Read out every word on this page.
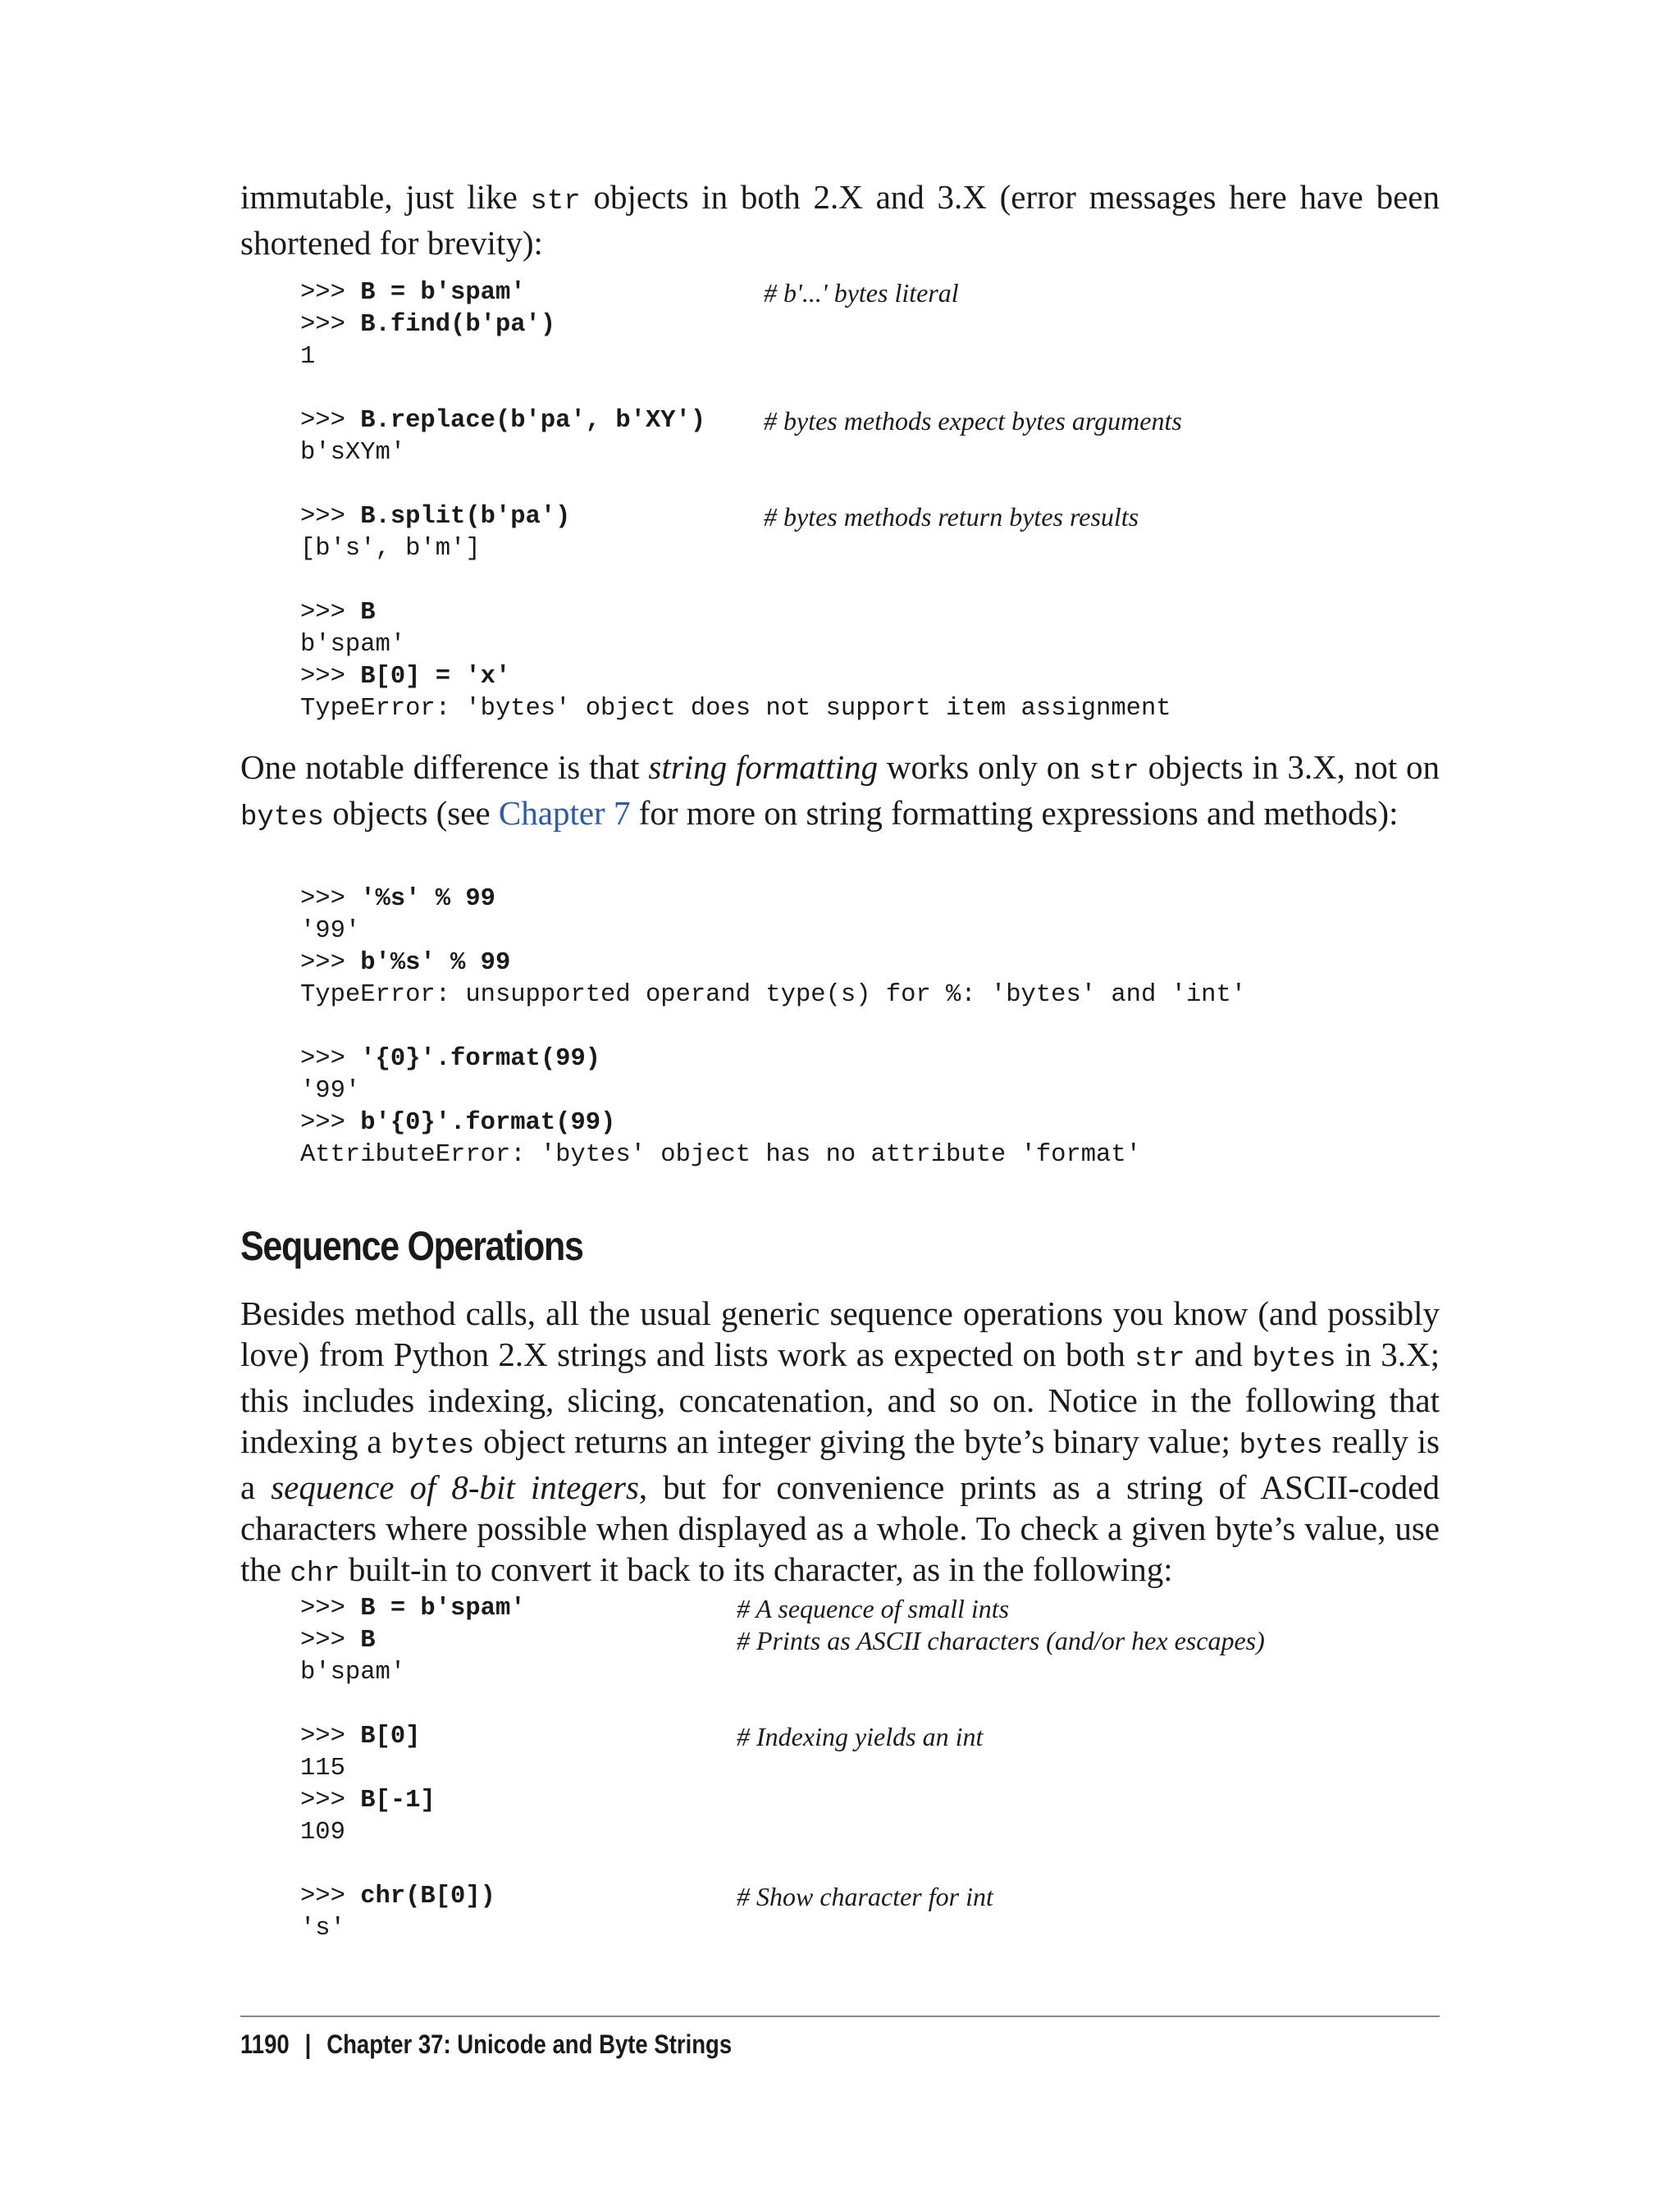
immutable, just like str objects in both 2.X and 3.X (error messages here have been shortened for brevity):

>>> B = b'spam'	# b'...' bytes literal
>>> B.find(b'pa')
1
>>> B.replace(b'pa', b'XY') # bytes methods expect bytes arguments
b'sXYm'
>>> B.split(b'pa')	# bytes methods return bytes results
[b's', b'm']
>>> B
b'spam'
>>> B[0] = 'x'
TypeError: 'bytes' object does not support item assignment

One notable difference is that string formatting works only on str objects in 3.X, not on bytes objects (see Chapter 7 for more on string formatting expressions and methods):

>>> '%s' % 99
'99'
>>> b'%s' % 99
TypeError: unsupported operand type(s) for %: 'bytes' and 'int'
>>> '{0}'.format(99)
'99'
>>> b'{0}'.format(99)
AttributeError: 'bytes' object has no attribute 'format'
Sequence Operations

Besides method calls, all the usual generic sequence operations you know (and possibly love) from Python 2.X strings and lists work as expected on both str and bytes in 3.X; this includes indexing, slicing, concatenation, and so on. Notice in the following that indexing a bytes object returns an integer giving the byte’s binary value; bytes really is a sequence of 8-bit integers, but for convenience prints as a string of ASCII-coded characters where possible when displayed as a whole. To check a given byte’s value, use the chr built-in to convert it back to its character, as in the following:

>>> B = b'spam'	# A sequence of small ints
>>> B	# Prints as ASCII characters (and/or hex escapes)
b'spam'
>>> B[0]	# Indexing yields an int
115
>>> B[-1]
109
>>> chr(B[0])	# Show character for int
's'
1190 | Chapter 37: Unicode and Byte Strings
